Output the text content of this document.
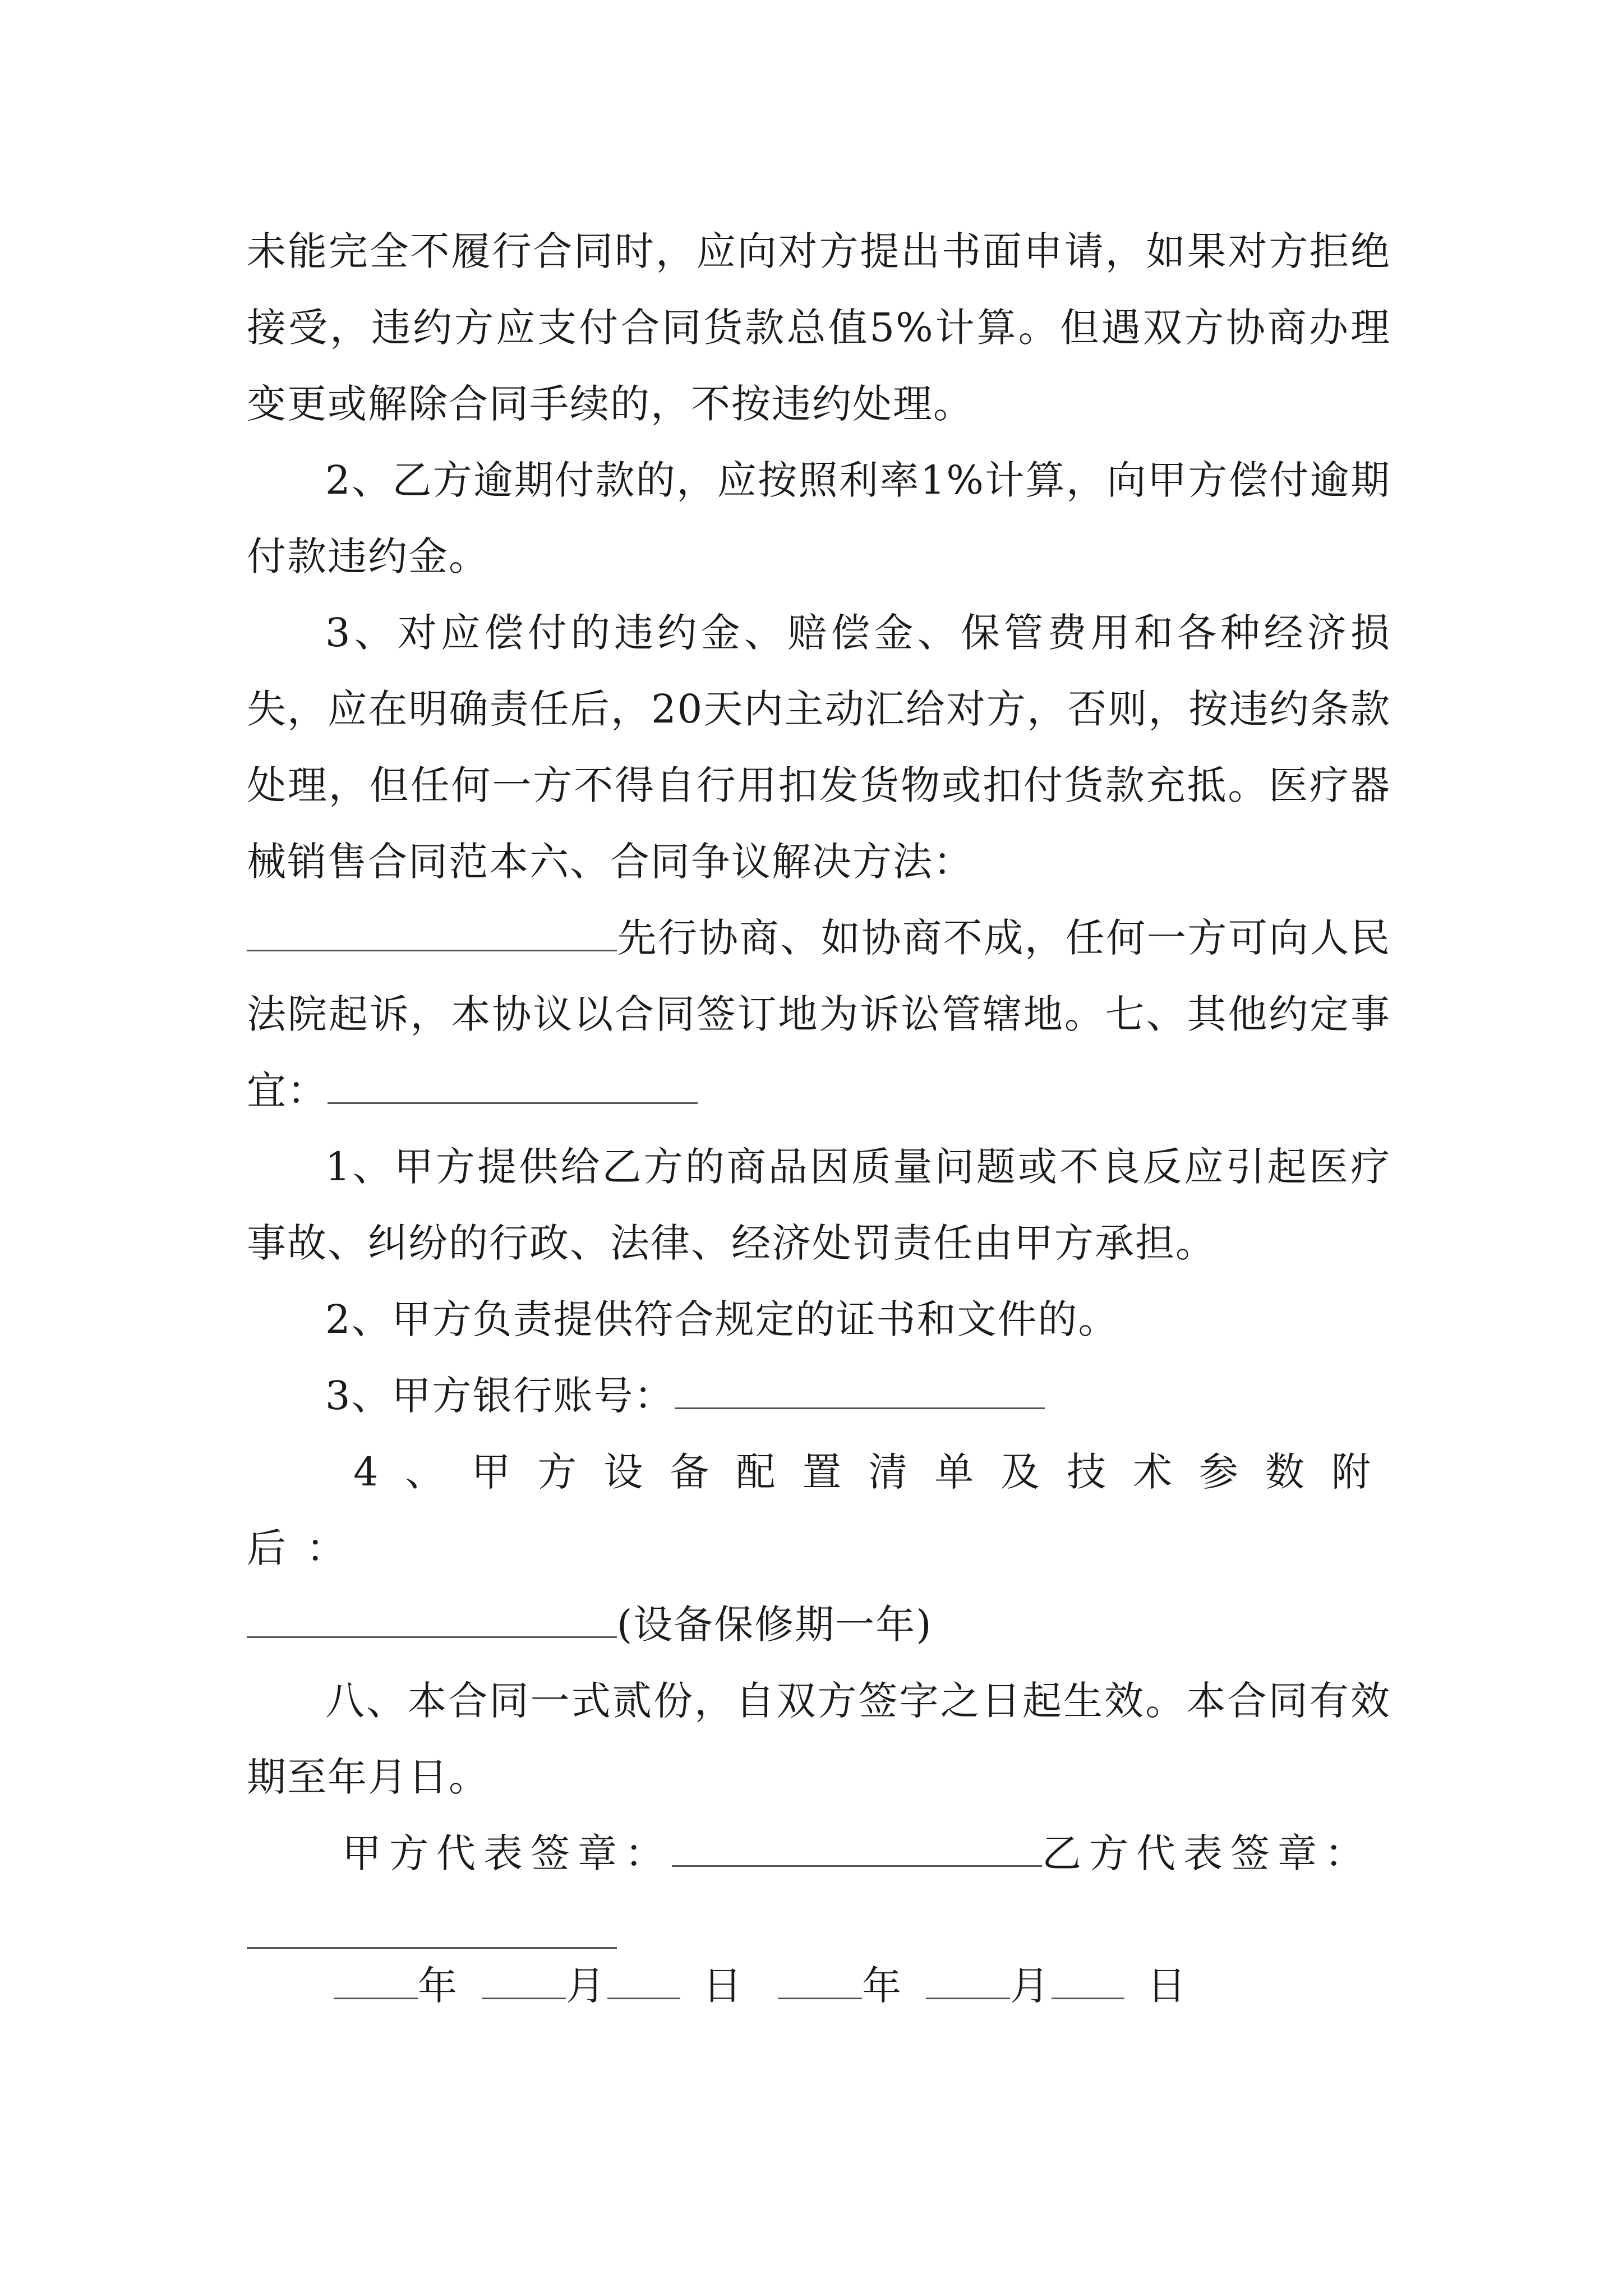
未能完全不履行合同时，应向对方提出书面申请，如果对方拒绝接受，违约方应支付合同货款总值5%计算。但遇双方协商办理变更或解除合同手续的，不按违约处理。

2、乙方逾期付款的，应按照利率1%计算，向甲方偿付逾期付款违约金。

3、对应偿付的违约金、赔偿金、保管费用和各种经济损失，应在明确责任后，20天内主动汇给对方，否则，按违约条款处理，但任何一方不得自行用扣发货物或扣付货款充抵。医疗器械销售合同范本六、合同争议解决方法：
先行协商、如协商不成，任何一方可向人民法院起诉，本协议以合同签订地为诉讼管辖地。七、其他约定事宜：

1、甲方提供给乙方的商品因质量问题或不良反应引起医疗事故、纠纷的行政、法律、经济处罚责任由甲方承担。

2、甲方负责提供符合规定的证书和文件的。

3、甲方银行账号：

4、甲方设备配置清单及技术参数附后：

(设备保修期一年)

八、本合同一式贰份，自双方签字之日起生效。本合同有效期至年月日。

甲方代表签章：	乙方代表签章：

年	月 日	年	月 日
